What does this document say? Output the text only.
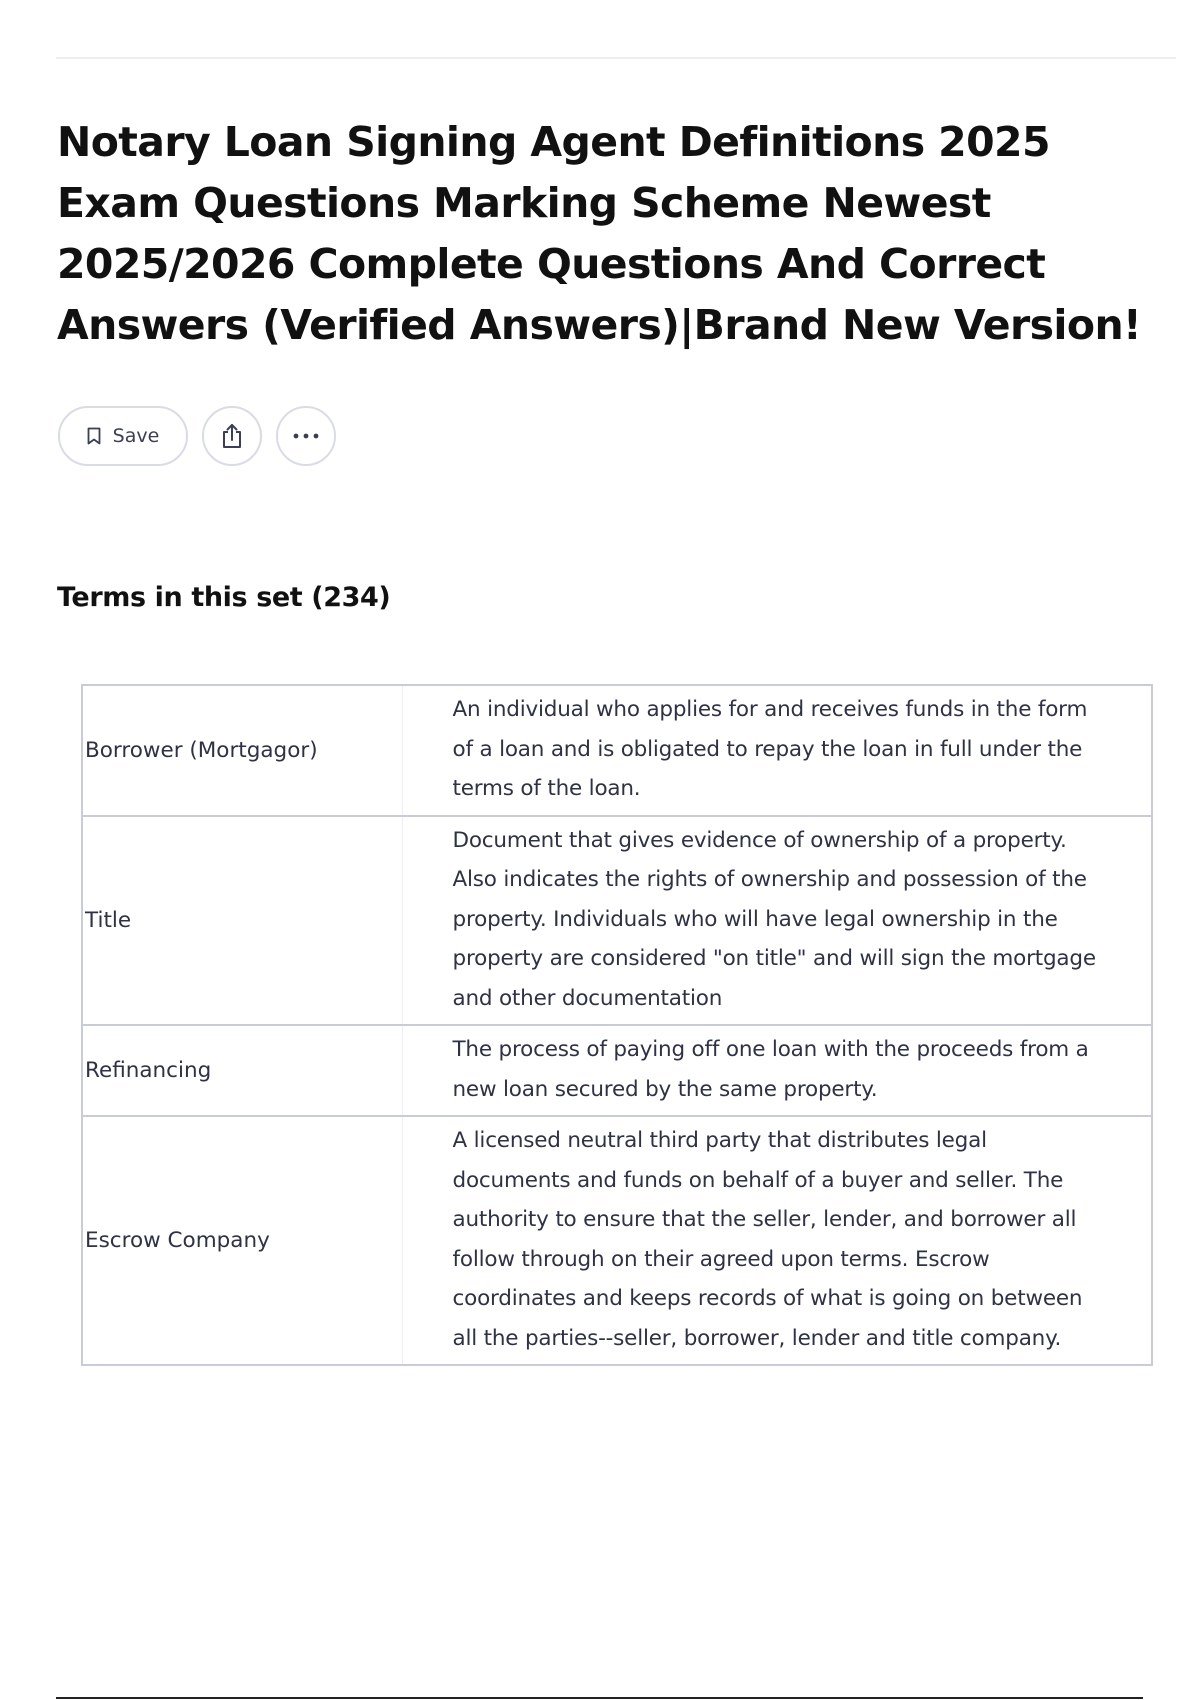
Notary Loan Signing Agent Definitions 2025 Exam Questions Marking Scheme Newest 2025/2026 Complete Questions And Correct Answers (Verified Answers)|Brand New Version!
Save
Terms in this set (234)
Borrower (Mortgagor)	An individual who applies for and receives funds in the form of a loan and is obligated to repay the loan in full under the terms of the loan.
Title	Document that gives evidence of ownership of a property. Also indicates the rights of ownership and possession of the property. Individuals who will have legal ownership in the property are considered "on title" and will sign the mortgage and other documentation
Refinancing	The process of paying off one loan with the proceeds from a new loan secured by the same property.
Escrow Company	A licensed neutral third party that distributes legal documents and funds on behalf of a buyer and seller. The authority to ensure that the seller, lender, and borrower all follow through on their agreed upon terms. Escrow coordinates and keeps records of what is going on between all the parties--seller, borrower, lender and title company.
